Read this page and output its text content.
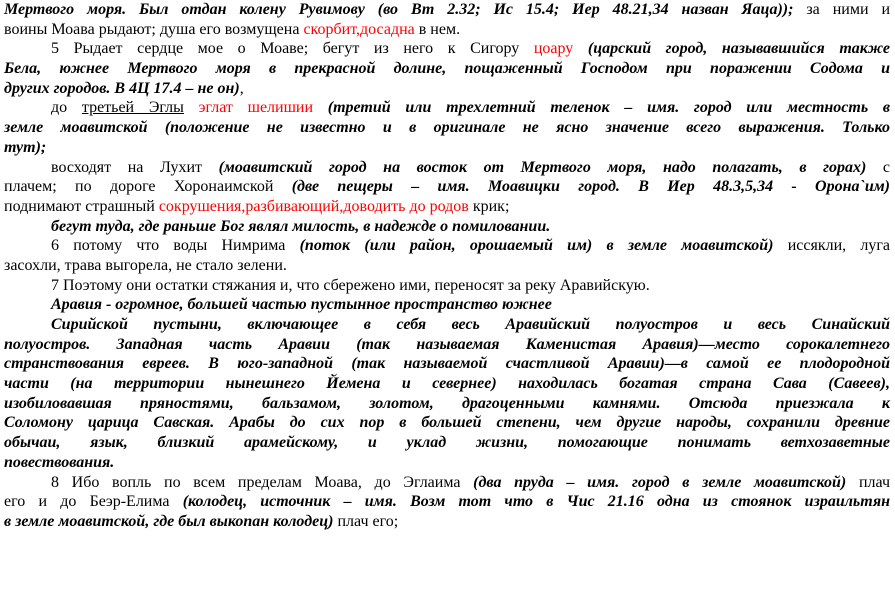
Мертвого моря. Был отдан колену Рувимову (во Вт 2.32; Ис 15.4; Иер 48.21,34 назван Яаца)); за ними и
воины Моава рыдают; душа его возмущена скорбит,досадна в нем.
5 Рыдает сердце мое о Моаве; бегут из него к Сигору цоару (царский город, называвшийся также
Бела, южнее Мертвого моря в прекрасной долине, пощаженный Господом при поражении Содома и
других городов. В 4Ц 17.4 – не он),
до третьей Эглы эглат шелишии (третий или трехлетний теленок – имя. город или местность в
земле моавитской (положение не известно и в оригинале не ясно значение всего выражения. Только
тут);
восходят на Лухит (моавитский город на восток от Мертвого моря, надо полагать, в горах) с
плачем; по дороге Хоронаимской (две пещеры – имя. Моавицки город. В Иер 48.3,5,34 - Орона`им)
поднимают страшный сокрушения,разбивающий,доводить до родов крик;
бегут туда, где раньше Бог являл милость, в надежде о помиловании.
6 потому что воды Нимрима (поток (или район, орошаемый им) в земле моавитской) иссякли, луга
засохли, трава выгорела, не стало зелени.
7 Поэтому они остатки стяжания и, что сбережено ими, переносят за реку Аравийскую.
Аравия - огромное, большей частью пустынное пространство южнее
Сирийской пустыни, включающее в себя весь Аравийский полуостров и весь Синайский
полуостров. Западная часть Аравии (так называемая Каменистая Аравия)—место сорокалетнего
странствования евреев. В юго-западной (так называемой счастливой Аравии)—в самой ее плодородной
части (на территории нынешнего Йемена и севернее) находилась богатая страна Сава (Савеев),
изобиловавшая пряностями, бальзамом, золотом, драгоценными камнями. Отсюда приезжала к
Соломону царица Савская. Арабы до сих пор в большей степени, чем другие народы, сохранили древние
обычаи, язык, близкий арамейскому, и уклад жизни, помогающие понимать ветхозаветные
повествования.
8 Ибо вопль по всем пределам Моава, до Эглаима (два пруда – имя. город в земле моавитской) плач
его и до Беэр-Елима (колодец, источник – имя. Возм тот что в Чис 21.16 одна из стоянок израильтян
в земле моавитской, где был выкопан колодец) плач его;
